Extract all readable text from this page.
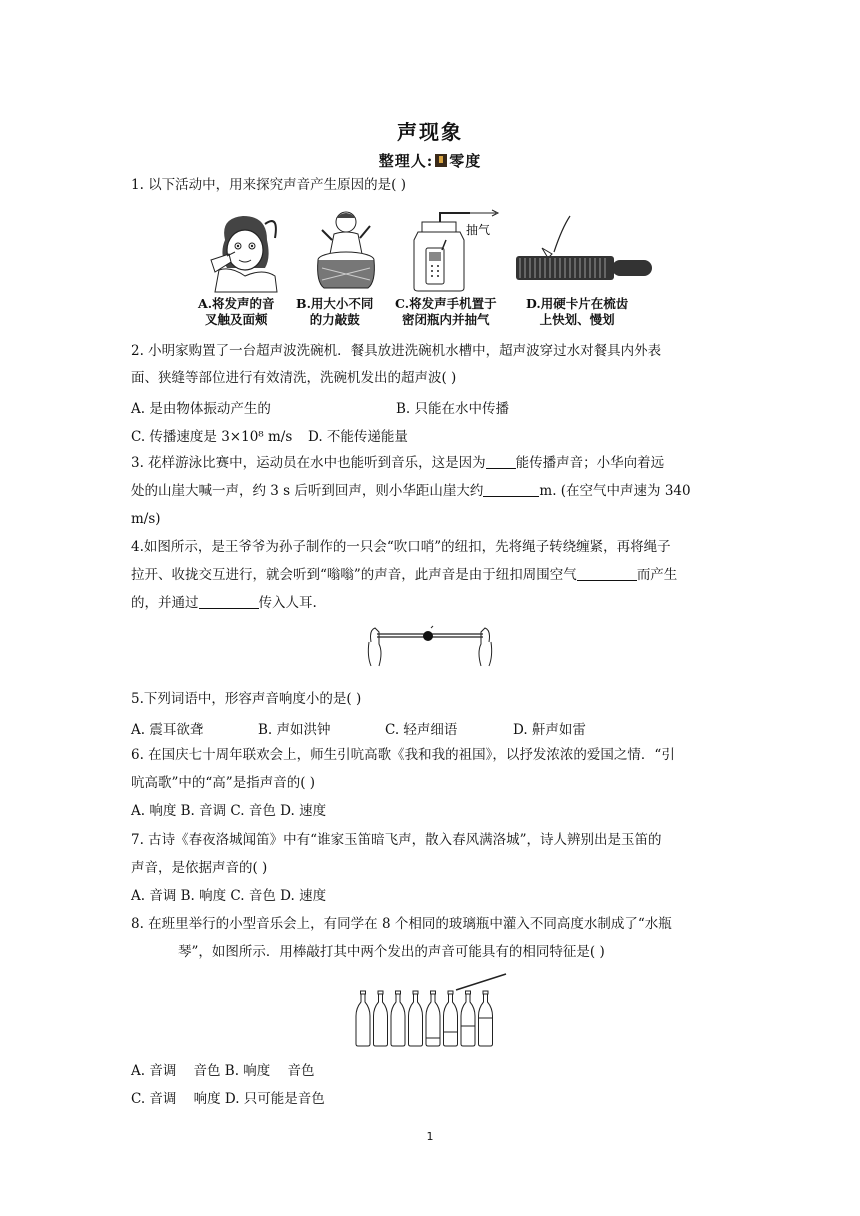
声现象
整理人: 零度
1. 以下活动中，用来探究声音产生原因的是( )
抽气
A.将发声的音
叉触及面颊
B.用大小不同
的力敲鼓
C.将发声手机置于
密闭瓶内并抽气
D.用硬卡片在梳齿
上快划、慢划
2. 小明家购置了一台超声波洗碗机．餐具放进洗碗机水槽中，超声波穿过水对餐具内外表
面、狭缝等部位进行有效清洗，洗碗机发出的超声波( )
A. 是由物体振动产生的	B. 只能在水中传播
C. 传播速度是 3×10⁸ m/s D. 不能传递能量
3. 花样游泳比赛中，运动员在水中也能听到音乐，这是因为 能传播声音；小华向着远
处的山崖大喊一声，约 3 s 后听到回声，则小华距山崖大约	m. (在空气中声速为 340
m/s)
4.如图所示，是王爷爷为孙子制作的一只会“吹口哨”的纽扣，先将绳子转绕缠紧，再将绳子
拉开、收拢交互进行，就会听到“嗡嗡”的声音，此声音是由于纽扣周围空气	而产生
的，并通过	传入人耳.
5.下列词语中，形容声音响度小的是( )
A. 震耳欲聋	B. 声如洪钟	C. 轻声细语	D. 鼾声如雷
6. 在国庆七十周年联欢会上，师生引吭高歌《我和我的祖国》，以抒发浓浓的爱国之情．“引
吭高歌”中的“高”是指声音的( )
A. 响度 B. 音调 C. 音色 D. 速度
7. 古诗《春夜洛城闻笛》中有“谁家玉笛暗飞声，散入春风满洛城”，诗人辨别出是玉笛的
声音，是依据声音的( )
A. 音调 B. 响度 C. 音色 D. 速度
8. 在班里举行的小型音乐会上，有同学在 8 个相同的玻璃瓶中灌入不同高度水制成了“水瓶
琴”，如图所示．用棒敲打其中两个发出的声音可能具有的相同特征是( )
A. 音调    音色 B. 响度    音色
C. 音调    响度 D. 只可能是音色
1
